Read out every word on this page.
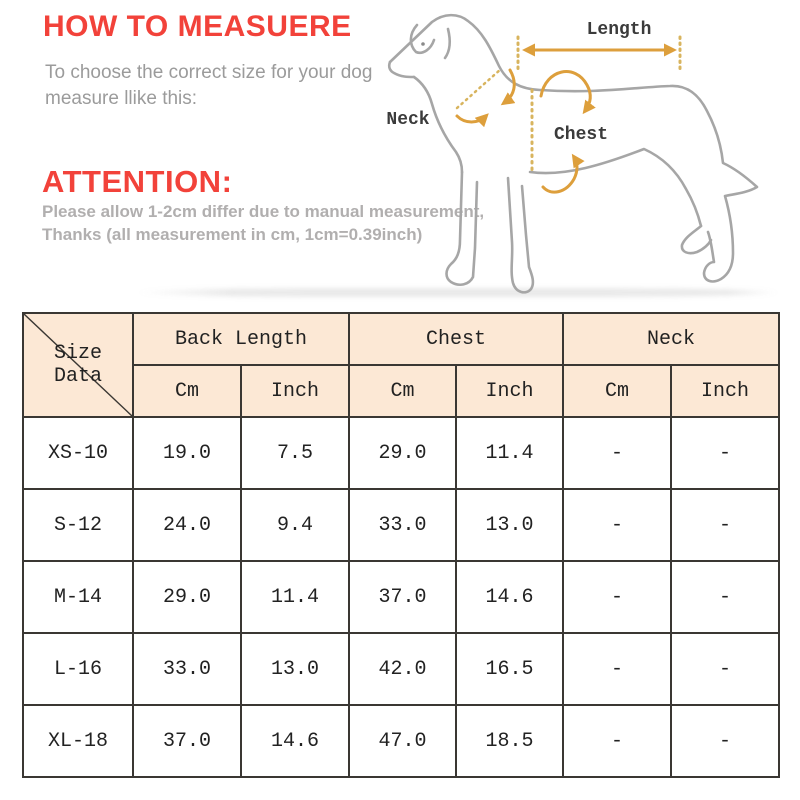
HOW TO MEASUERE
To choose the correct size for your dog
measure llike this:
ATTENTION:
Please allow 1-2cm differ due to manual measurement,
Thanks (all measurement in cm, 1cm=0.39inch)
Length
Neck
Chest
Size Data	Back Length		Chest		Neck	
	Cm	Inch	Cm	Inch	Cm	Inch
XS-10	19.0	7.5	29.0	11.4	-	-
S-12	24.0	9.4	33.0	13.0	-	-
M-14	29.0	11.4	37.0	14.6	-	-
L-16	33.0	13.0	42.0	16.5	-	-
XL-18	37.0	14.6	47.0	18.5	-	-
